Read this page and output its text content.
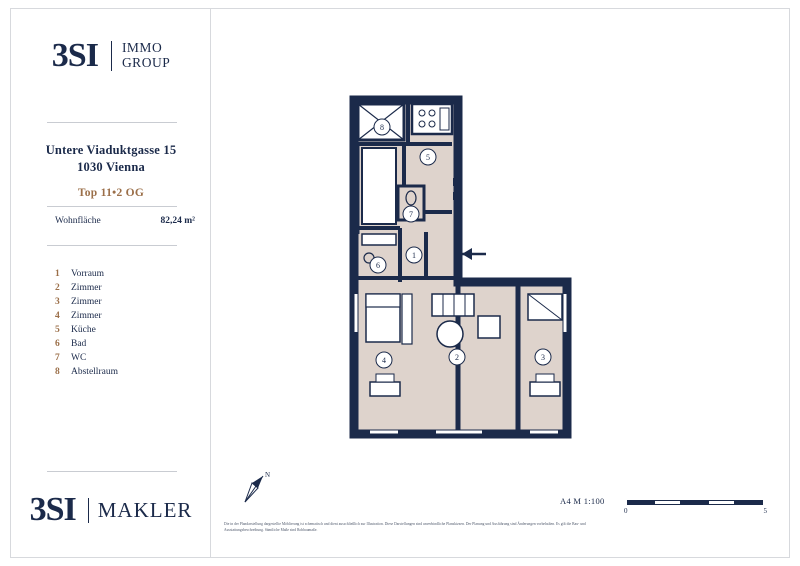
3SI IMMO
GROUP
Untere Viaduktgasse 15
1030 Vienna
Top 11•2 OG
Wohnfläche	82,24 m²
1 Vorraum
2 Zimmer
3 Zimmer
4 Zimmer
5 Küche
6 Bad
7 WC
8 Abstellraum
3SI MAKLER
1
2	3
4
5
6
7
8
N
A4 M 1:100
0	5
Die in der Plandarstellung dargestellte Möblierung ist schematisch und dient ausschließlich zur Illustration. Diese Darstellungen sind unverbindliche Planskizzen. Der Planung und Ausführung sind Änderungen vorbehalten. Es gilt die Bau- und Ausstattungsbeschreibung. Sämtliche Maße sind Rohbaumaße.
